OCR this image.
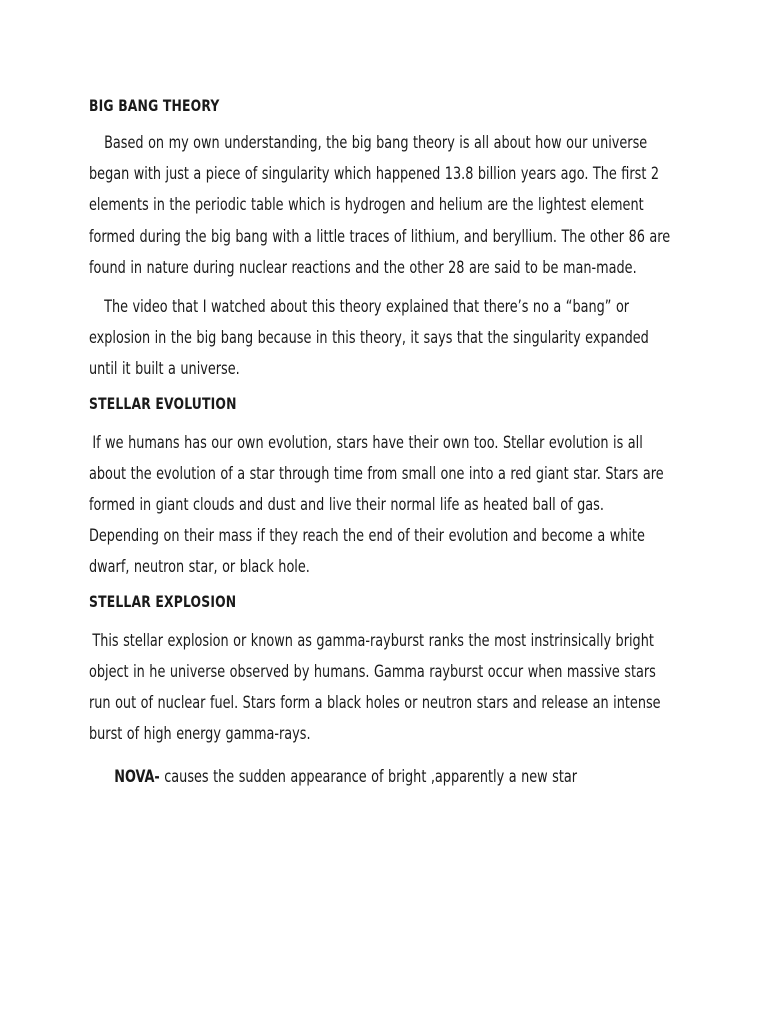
BIG BANG THEORY

Based on my own understanding, the big bang theory is all about how our universe began with just a piece of singularity which happened 13.8 billion years ago. The first 2 elements in the periodic table which is hydrogen and helium are the lightest element formed during the big bang with a little traces of lithium, and beryllium. The other 86 are found in nature during nuclear reactions and the other 28 are said to be man-made.

The video that I watched about this theory explained that there’s no a “bang” or explosion in the big bang because in this theory, it says that the singularity expanded until it built a universe.

STELLAR EVOLUTION

If we humans has our own evolution, stars have their own too. Stellar evolution is all about the evolution of a star through time from small one into a red giant star. Stars are formed in giant clouds and dust and live their normal life as heated ball of gas. Depending on their mass if they reach the end of their evolution and become a white dwarf, neutron star, or black hole.

STELLAR EXPLOSION

This stellar explosion or known as gamma-rayburst ranks the most instrinsically bright object in he universe observed by humans. Gamma rayburst occur when massive stars run out of nuclear fuel. Stars form a black holes or neutron stars and release an intense burst of high energy gamma-rays.

NOVA- causes the sudden appearance of bright ,apparently a new star
